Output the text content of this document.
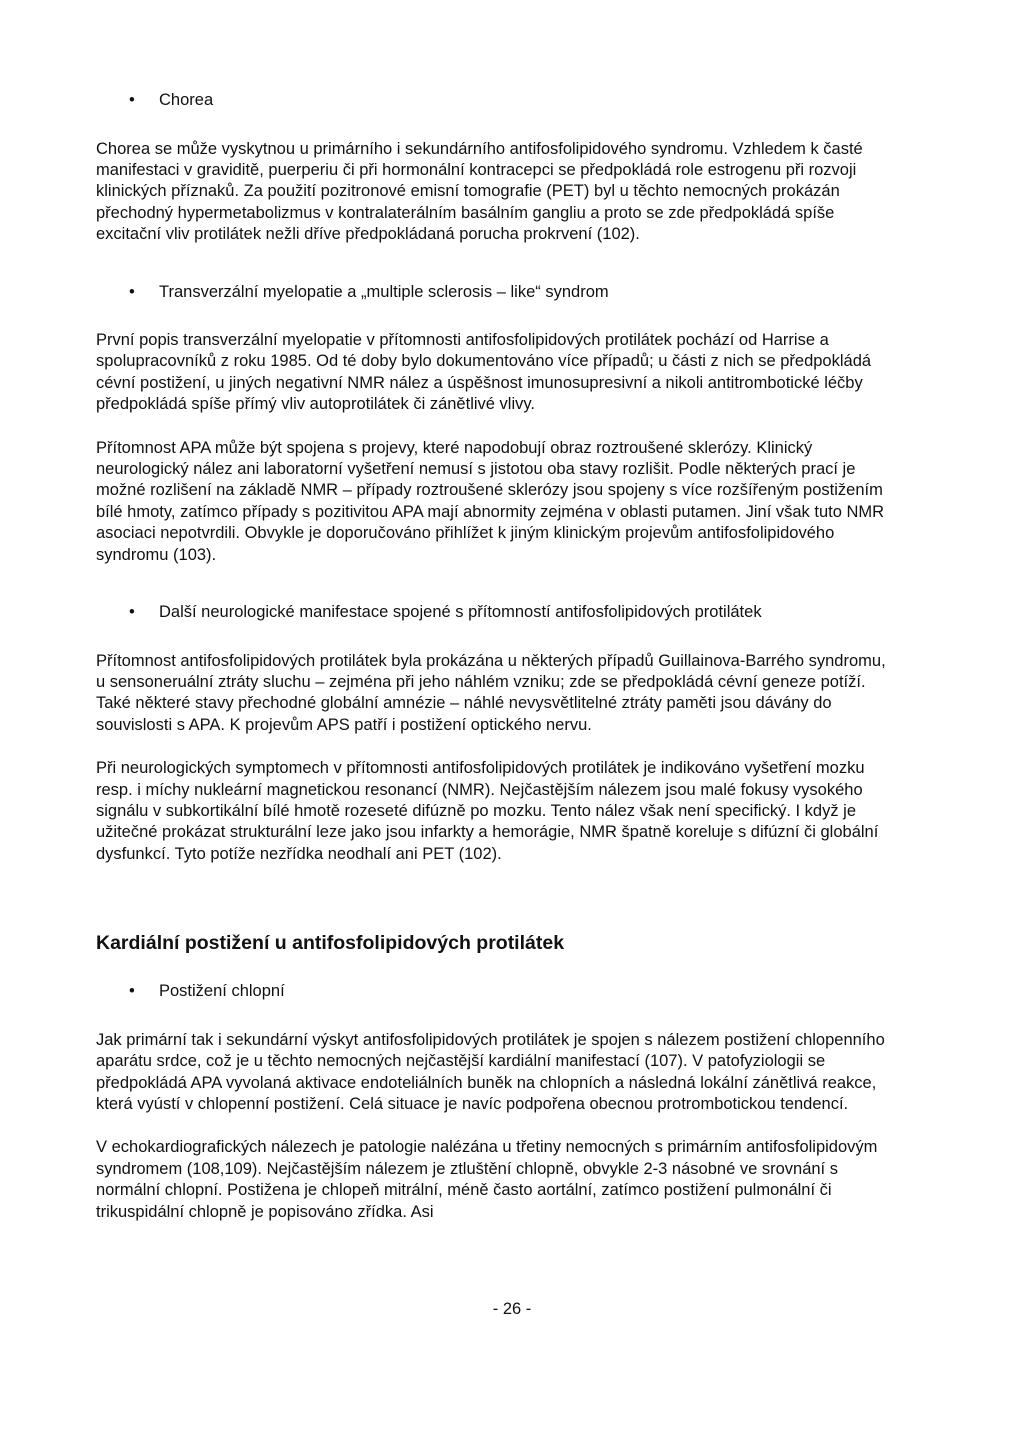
• Chorea

Chorea se může vyskytnou u primárního i sekundárního antifosfolipidového syndromu. Vzhledem k časté manifestaci v graviditě, puerperiu či při hormonální kontracepci se předpokládá role estrogenu při rozvoji klinických příznaků. Za použití pozitronové emisní tomografie (PET) byl u těchto nemocných prokázán přechodný hypermetabolizmus v kontralaterálním basálním gangliu a proto se zde předpokládá spíše excitační vliv protilátek nežli dříve předpokládaná porucha prokrvení (102).

• Transverzální myelopatie a „multiple sclerosis – like“ syndrom

První popis transverzální myelopatie v přítomnosti antifosfolipidových protilátek pochází od Harrise a spolupracovníků z roku 1985. Od té doby bylo dokumentováno více případů; u části z nich se předpokládá cévní postižení, u jiných negativní NMR nález a úspěšnost imunosupresivní a nikoli antitrombotické léčby předpokládá spíše přímý vliv autoprotilátek či zánětlivé vlivy.

Přítomnost APA může být spojena s projevy, které napodobují obraz roztroušené sklerózy. Klinický neurologický nález ani laboratorní vyšetření nemusí s jistotou oba stavy rozlišit. Podle některých prací je možné rozlišení na základě NMR – případy roztroušené sklerózy jsou spojeny s více rozšířeným postižením bílé hmoty, zatímco případy s pozitivitou APA mají abnormity zejména v oblasti putamen. Jiní však tuto NMR asociaci nepotvrdili. Obvykle je doporučováno přihlížet k jiným klinickým projevům antifosfolipidového syndromu (103).

• Další neurologické manifestace spojené s přítomností antifosfolipidových protilátek

Přítomnost antifosfolipidových protilátek byla prokázána u některých případů Guillainova-Barrého syndromu, u sensoneruální ztráty sluchu – zejména při jeho náhlém vzniku; zde se předpokládá cévní geneze potíží. Také některé stavy přechodné globální amnézie – náhlé nevysvětlitelné ztráty paměti jsou dávány do souvislosti s APA. K projevům APS patří i postižení optického nervu.

Při neurologických symptomech v přítomnosti antifosfolipidových protilátek je indikováno vyšetření mozku resp. i míchy nukleární magnetickou resonancí (NMR). Nejčastějším nálezem jsou malé fokusy vysokého signálu v subkortikální bílé hmotě rozeseté difúzně po mozku. Tento nález však není specifický. I když je užitečné prokázat strukturální leze jako jsou infarkty a hemorágie, NMR špatně koreluje s difúzní či globální dysfunkcí. Tyto potíže nezřídka neodhalí ani PET (102).

Kardiální postižení u antifosfolipidových protilátek
• Postižení chlopní

Jak primární tak i sekundární výskyt antifosfolipidových protilátek je spojen s nálezem postižení chlopenního aparátu srdce, což je u těchto nemocných nejčastější kardiální manifestací (107). V patofyziologii se předpokládá APA vyvolaná aktivace endoteliálních buněk na chlopních a následná lokální zánětlivá reakce, která vyústí v chlopenní postižení. Celá situace je navíc podpořena obecnou protrombotickou tendencí.

V echokardiografických nálezech je patologie nalézána u třetiny nemocných s primárním antifosfolipidovým syndromem (108,109). Nejčastějším nálezem je ztluštění chlopně, obvykle 2-3 násobné ve srovnání s normální chlopní. Postižena je chlopeň mitrální, méně často aortální, zatímco postižení pulmonální či trikuspidální chlopně je popisováno zřídka. Asi

- 26 -
